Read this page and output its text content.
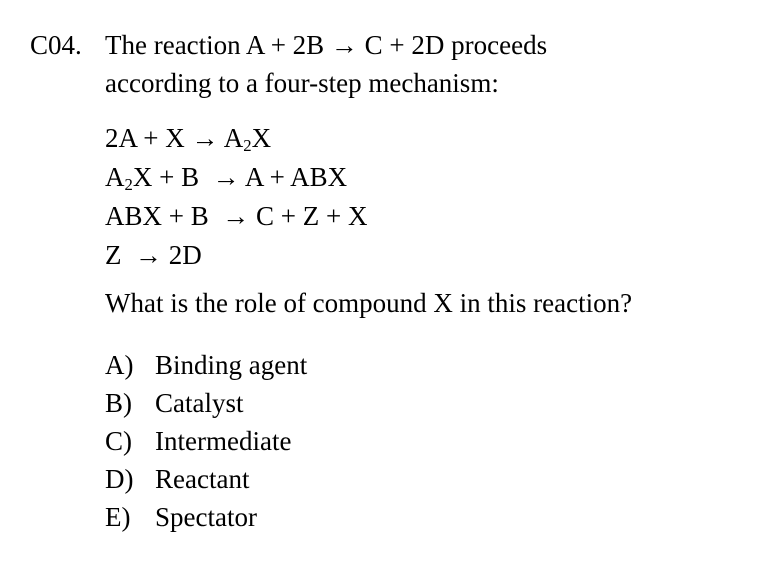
C04. The reaction A + 2B → C + 2D proceeds
according to a four-step mechanism:
$2A + X \to A_2X$
$A_2X + B \to A$ + ABX
ABX + B  → C + Z + X
Z  → 2D
What is the role of compound X in this reaction?
A) Binding agent
B) Catalyst
C) Intermediate
D) Reactant
E) Spectator
